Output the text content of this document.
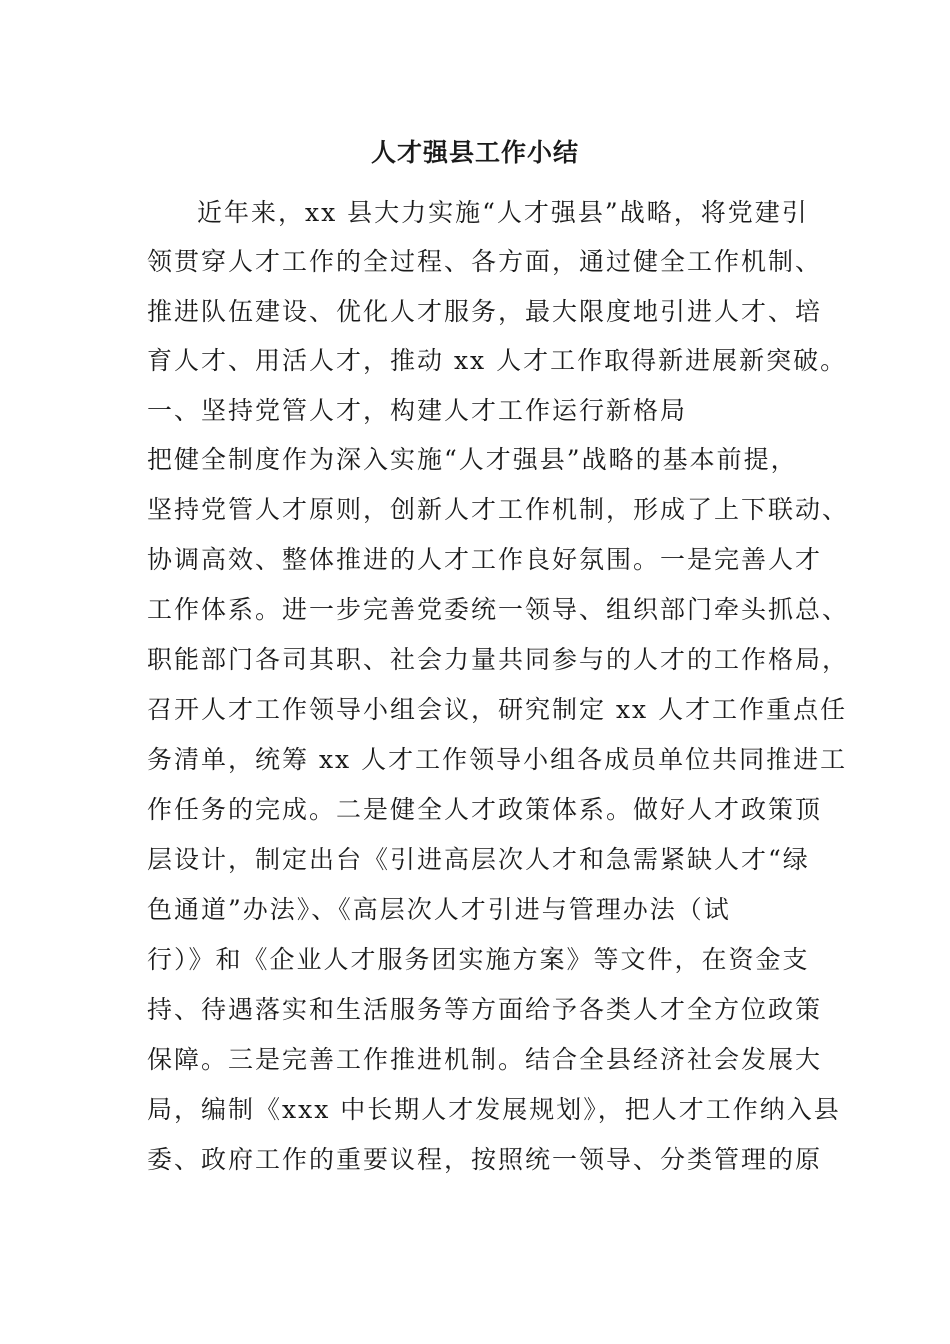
人才强县工作小结
近年来，xx 县大力实施“人才强县”战略，将党建引
领贯穿人才工作的全过程、各方面，通过健全工作机制、
推进队伍建设、优化人才服务，最大限度地引进人才、培
育人才、用活人才，推动 xx 人才工作取得新进展新突破。
一、坚持党管人才，构建人才工作运行新格局
把健全制度作为深入实施“人才强县”战略的基本前提，
坚持党管人才原则，创新人才工作机制，形成了上下联动、
协调高效、整体推进的人才工作良好氛围。一是完善人才
工作体系。进一步完善党委统一领导、组织部门牵头抓总、
职能部门各司其职、社会力量共同参与的人才的工作格局，
召开人才工作领导小组会议，研究制定 xx 人才工作重点任
务清单，统筹 xx 人才工作领导小组各成员单位共同推进工
作任务的完成。二是健全人才政策体系。做好人才政策顶
层设计，制定出台《引进高层次人才和急需紧缺人才“绿
色通道”办法》、《高层次人才引进与管理办法（试
行）》和《企业人才服务团实施方案》等文件，在资金支
持、待遇落实和生活服务等方面给予各类人才全方位政策
保障。三是完善工作推进机制。结合全县经济社会发展大
局，编制《xxx 中长期人才发展规划》，把人才工作纳入县
委、政府工作的重要议程，按照统一领导、分类管理的原
